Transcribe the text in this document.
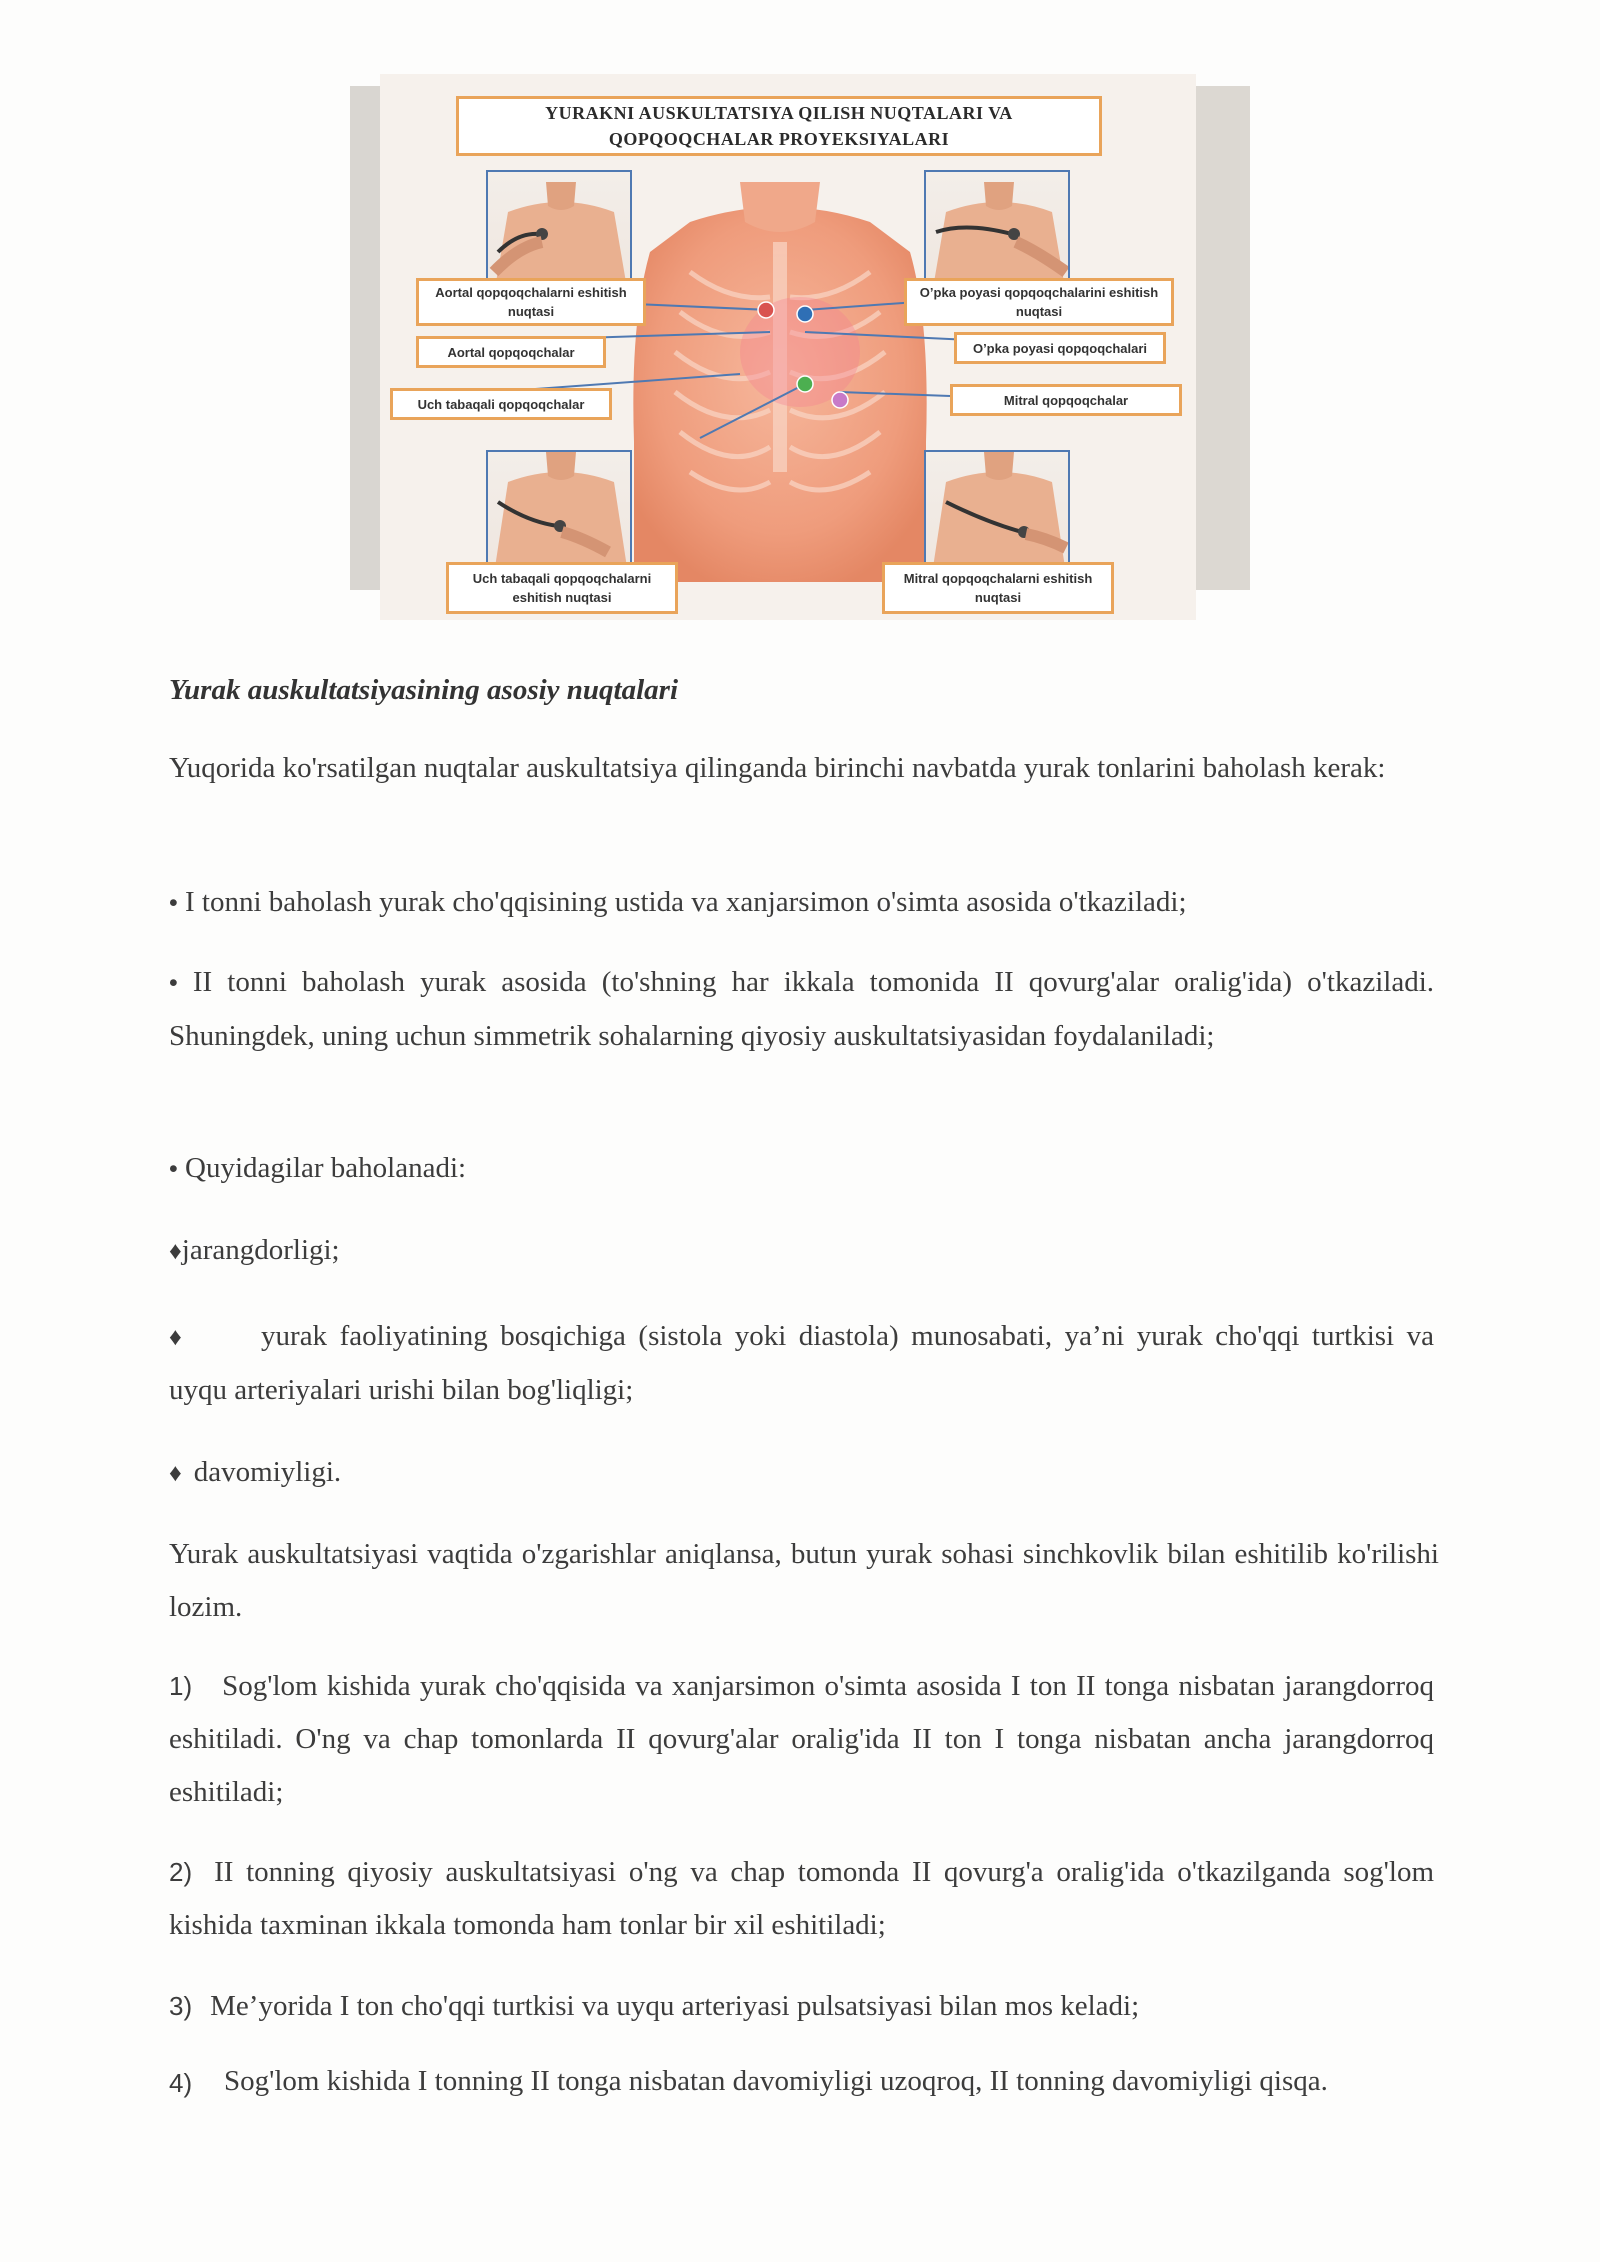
YURAKNI AUSKULTATSIYA QILISH NUQTALARI VA QOPQOQCHALAR PROYEKSIYALARI
Aortal qopqoqchalarni eshitish nuqtasi
Aortal qopqoqchalar
Uch tabaqali qopqoqchalar
O’pka poyasi qopqoqchalarini eshitish nuqtasi
O’pka poyasi qopqoqchalari
Mitral qopqoqchalar
Uch tabaqali qopqoqchalarni eshitish nuqtasi
Mitral qopqoqchalarni eshitish nuqtasi
Yurak auskultatsiyasining asosiy nuqtalari
Yuqorida ko'rsatilgan nuqtalar auskultatsiya qilinganda birinchi navbatda yurak tonlarini baholash kerak:
• I tonni baholash yurak cho'qqisining ustida va xanjarsimon o'simta asosida o'tkaziladi;
• II tonni baholash yurak asosida (to'shning har ikkala tomonida II qovurg'alar oralig'ida) o'tkaziladi. Shuningdek, uning uchun simmetrik sohalarning qiyosiy auskultatsiyasidan foydalaniladi;
• Quyidagilar baholanadi:
♦jarangdorligi;
♦	yurak faoliyatining bosqichiga (sistola yoki diastola) munosabati, ya’ni yurak cho'qqi turtkisi va uyqu arteriyalari urishi bilan bog'liqligi;
♦ davomiyligi.
Yurak auskultatsiyasi vaqtida o'zgarishlar aniqlansa, butun yurak sohasi sinchkovlik bilan eshitilib ko'rilishi lozim.
1) Sog'lom kishida yurak cho'qqisida va xanjarsimon o'simta asosida I ton II tonga nisbatan jarangdorroq eshitiladi. O'ng va chap tomonlarda II qovurg'alar oralig'ida II ton I tonga nisbatan ancha jarangdorroq eshitiladi;
2) II tonning qiyosiy auskultatsiyasi o'ng va chap tomonda II qovurg'a oralig'ida o'tkazilganda sog'lom kishida taxminan ikkala tomonda ham tonlar bir xil eshitiladi;
3) Me’yorida I ton cho'qqi turtkisi va uyqu arteriyasi pulsatsiyasi bilan mos keladi;
4)	Sog'lom kishida I tonning II tonga nisbatan davomiyligi uzoqroq, II tonning davomiyligi qisqa.
